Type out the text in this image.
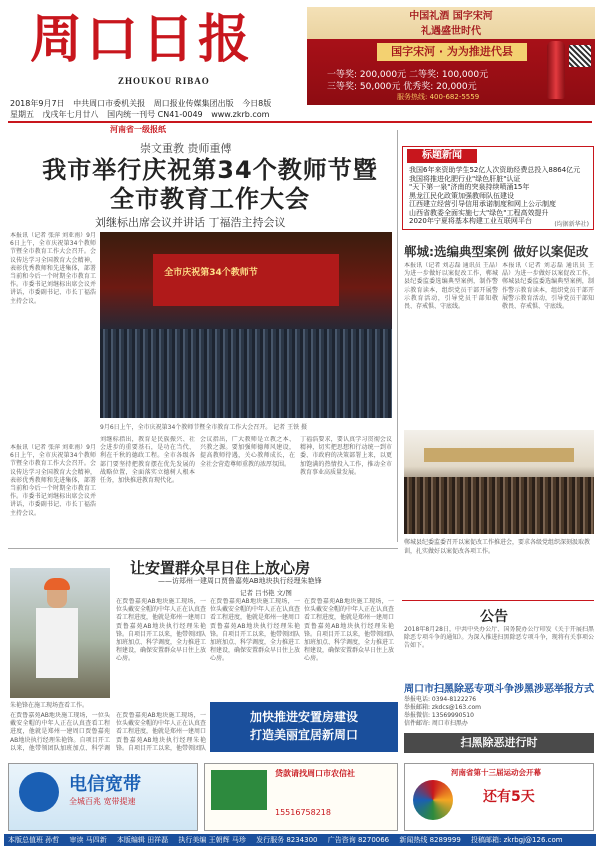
周口日报
ZHOUKOU RIBAO
中国礼酒 国字宋河
礼遇盛世时代
国字宋河 · 为为推进代县
一等奖: 200,000元 二等奖: 100,000元
三等奖: 50,000元 优秀奖: 20,000元
服务热线: 400-682-5559
2018年9月7日 中共周口市委机关报 周口报业传媒集团出版 今日8版
星期五 戊戌年七月廿八 国内统一刊号 CN41-0049 www.zkrb.com
河南省一级报纸
崇文重教 贵师重傅
我市举行庆祝第34个教师节暨全市教育工作大会
刘继标出席会议并讲话 丁福浩主持会议
本报讯（记者 张萍 刘亚南）9月6日上午，全市庆祝第34个教师节暨全市教育工作大会召开。会议传达学习全国教育大会精神，表彰优秀教师和先进集体，部署当前和今后一个时期全市教育工作。市委书记刘继标出席会议并讲话，市委副书记、市长丁福浩主持会议。
全市庆祝第34个教师节
9月6日上午，全市庆祝第34个教师节暨全市教育工作大会召开。 记者 王铁 摄
本报讯（记者 张萍 刘亚南）9月6日上午，全市庆祝第34个教师节暨全市教育工作大会召开。会议传达学习全国教育大会精神，表彰优秀教师和先进集体，部署当前和今后一个时期全市教育工作。市委书记刘继标出席会议并讲话，市委副书记、市长丁福浩主持会议。
刘继标指出，教育是民族振兴、社会进步的重要基石，是功在当代、利在千秋的德政工程。全市各级各部门要坚持把教育摆在优先发展的战略位置，全面落实立德树人根本任务，加快推进教育现代化。
会议指出，广大教师是立教之本、兴教之源。要加强师德师风建设，提高教师待遇，关心教师成长，在全社会营造尊师重教的浓厚氛围。
丁福浩要求，要认真学习贯彻会议精神，切实把思想和行动统一到市委、市政府的决策部署上来，以更加饱满的热情投入工作，推动全市教育事业高质量发展。
标题新闻
我国6年来资助学生52亿人次资助经费总投入8864亿元
我国将推进化肥行业"绿色肝脏"认证
"天下第一泉"济南的突泉持续喷涌15年
黑龙江民化政策加强教师队伍建设
江西建立经营引导信用承诺制度和网上公示制度
山西省教委全面实施七大"绿色"工程高效提升
2020年宁夏将基本构建工业互联网平台	(均据新华社)
郸城:选编典型案例 做好以案促改
本报讯（记者 刘志磊 通讯员 王晶）为进一步做好以案促改工作，郸城县纪委监委选编典型案例，制作警示教育读本，组织党员干部开展警示教育活动，引导党员干部知敬畏、存戒惧、守底线。
本报讯（记者 刘志磊 通讯员 王晶）为进一步做好以案促改工作，郸城县纪委监委选编典型案例，制作警示教育读本，组织党员干部开展警示教育活动，引导党员干部知敬畏、存戒惧、守底线。
郸城县纪委监委召开以案促改工作推进会，要求各级党组织深刻汲取教训，扎实做好以案促改各项工作。
让安置群众早日住上放心房
——访郑州一建周口贾鲁嘉苑AB地块执行经理朱艳锋
记者 吕书艳 文/图
朱艳锋在施工现场查看工作。
在贾鲁嘉苑AB地块施工现场，一位头戴安全帽的中年人正在认真查看工程进度，他就是郑州一建周口贾鲁嘉苑AB地块执行经理朱艳锋。自项目开工以来，他带领团队加班加点、科学调度，全力推进工程建设，确保安置群众早日住上放心房。
在贾鲁嘉苑AB地块施工现场，一位头戴安全帽的中年人正在认真查看工程进度，他就是郑州一建周口贾鲁嘉苑AB地块执行经理朱艳锋。自项目开工以来，他带领团队加班加点、科学调度，全力推进工程建设，确保安置群众早日住上放心房。
在贾鲁嘉苑AB地块施工现场，一位头戴安全帽的中年人正在认真查看工程进度，他就是郑州一建周口贾鲁嘉苑AB地块执行经理朱艳锋。自项目开工以来，他带领团队加班加点、科学调度，全力推进工程建设，确保安置群众早日住上放心房。
在贾鲁嘉苑AB地块施工现场，一位头戴安全帽的中年人正在认真查看工程进度，他就是郑州一建周口贾鲁嘉苑AB地块执行经理朱艳锋。自项目开工以来，他带领团队加班加点、科学调
在贾鲁嘉苑AB地块施工现场，一位头戴安全帽的中年人正在认真查看工程进度，他就是郑州一建周口贾鲁嘉苑AB地块执行经理朱艳锋。自项目开工以来，他带领团队
加快推进安置房建设
打造美丽宜居新周口
公告
2018年8月28日，中共中央办公厅、国务院办公厅印发《关于开展扫黑除恶专项斗争的通知》。为深入推进扫黑除恶专项斗争，现将有关事项公告如下。
周口市扫黑除恶专项斗争涉黑涉恶举报方式
举报电话: 0394-8122276
举报邮箱: zkdcs@163.com
举报微信: 13569990510
信件邮寄: 周口市扫黑办
扫黑除恶进行时
电信宽带
全城百兆 宽带提速
贷款请找周口市农信社
15516758218
河南省第十三届运动会开幕
还有5天
本版总值班 孙哲 审读 马四新 本版编辑 田祥磊 执行美编 王朝辉 马珍 发行服务 8234300 广告咨询 8270066 新闻热线 8289999 投稿邮箱: zkrbgj@126.com
